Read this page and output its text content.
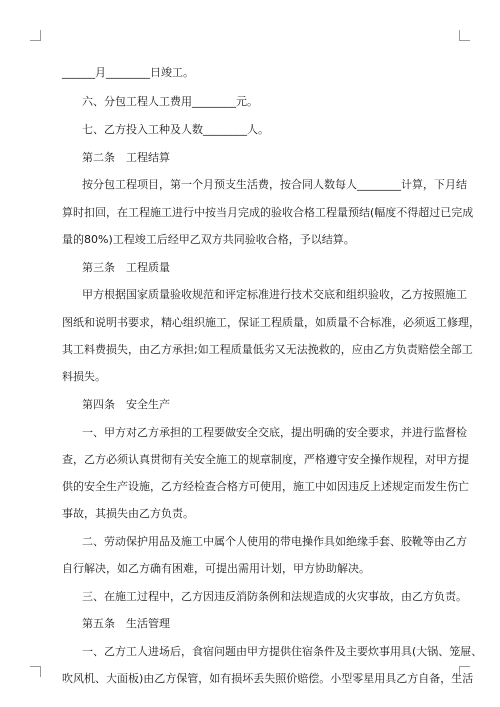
______月________日竣工。
六、分包工程人工费用________元。
七、乙方投入工种及人数________人。
第二条　工程结算
按分包工程项目，第一个月预支生活费，按合同人数每人________计算，下月结
算时扣回，在工程施工进行中按当月完成的验收合格工程量预结(幅度不得超过已完成
量的80%)工程竣工后经甲乙双方共同验收合格，予以结算。
第三条　工程质量
甲方根据国家质量验收规范和评定标准进行技术交底和组织验收，乙方按照施工
图纸和说明书要求，精心组织施工，保证工程质量，如质量不合标准，必须返工修理，
其工料费损失，由乙方承担;如工程质量低劣又无法挽救的，应由乙方负责赔偿全部工
料损失。
第四条　安全生产
一、甲方对乙方承担的工程要做安全交底，提出明确的安全要求，并进行监督检
查，乙方必须认真贯彻有关安全施工的规章制度，严格遵守安全操作规程，对甲方提
供的安全生产设施，乙方经检查合格方可使用，施工中如因违反上述规定而发生伤亡
事故，其损失由乙方负责。
二、劳动保护用品及施工中属个人使用的带电操作具如绝缘手套、胶靴等由乙方
自行解决，如乙方确有困难，可提出需用计划，甲方协助解决。
三、在施工过程中，乙方因违反消防条例和法规造成的火灾事故，由乙方负责。
第五条　生活管理
一、乙方工人进场后，食宿问题由甲方提供住宿条件及主要炊事用具(大锅、笼屉、
吹风机、大面板)由乙方保管，如有损坏丢失照价赔偿。小型零星用具乙方自备，生活
